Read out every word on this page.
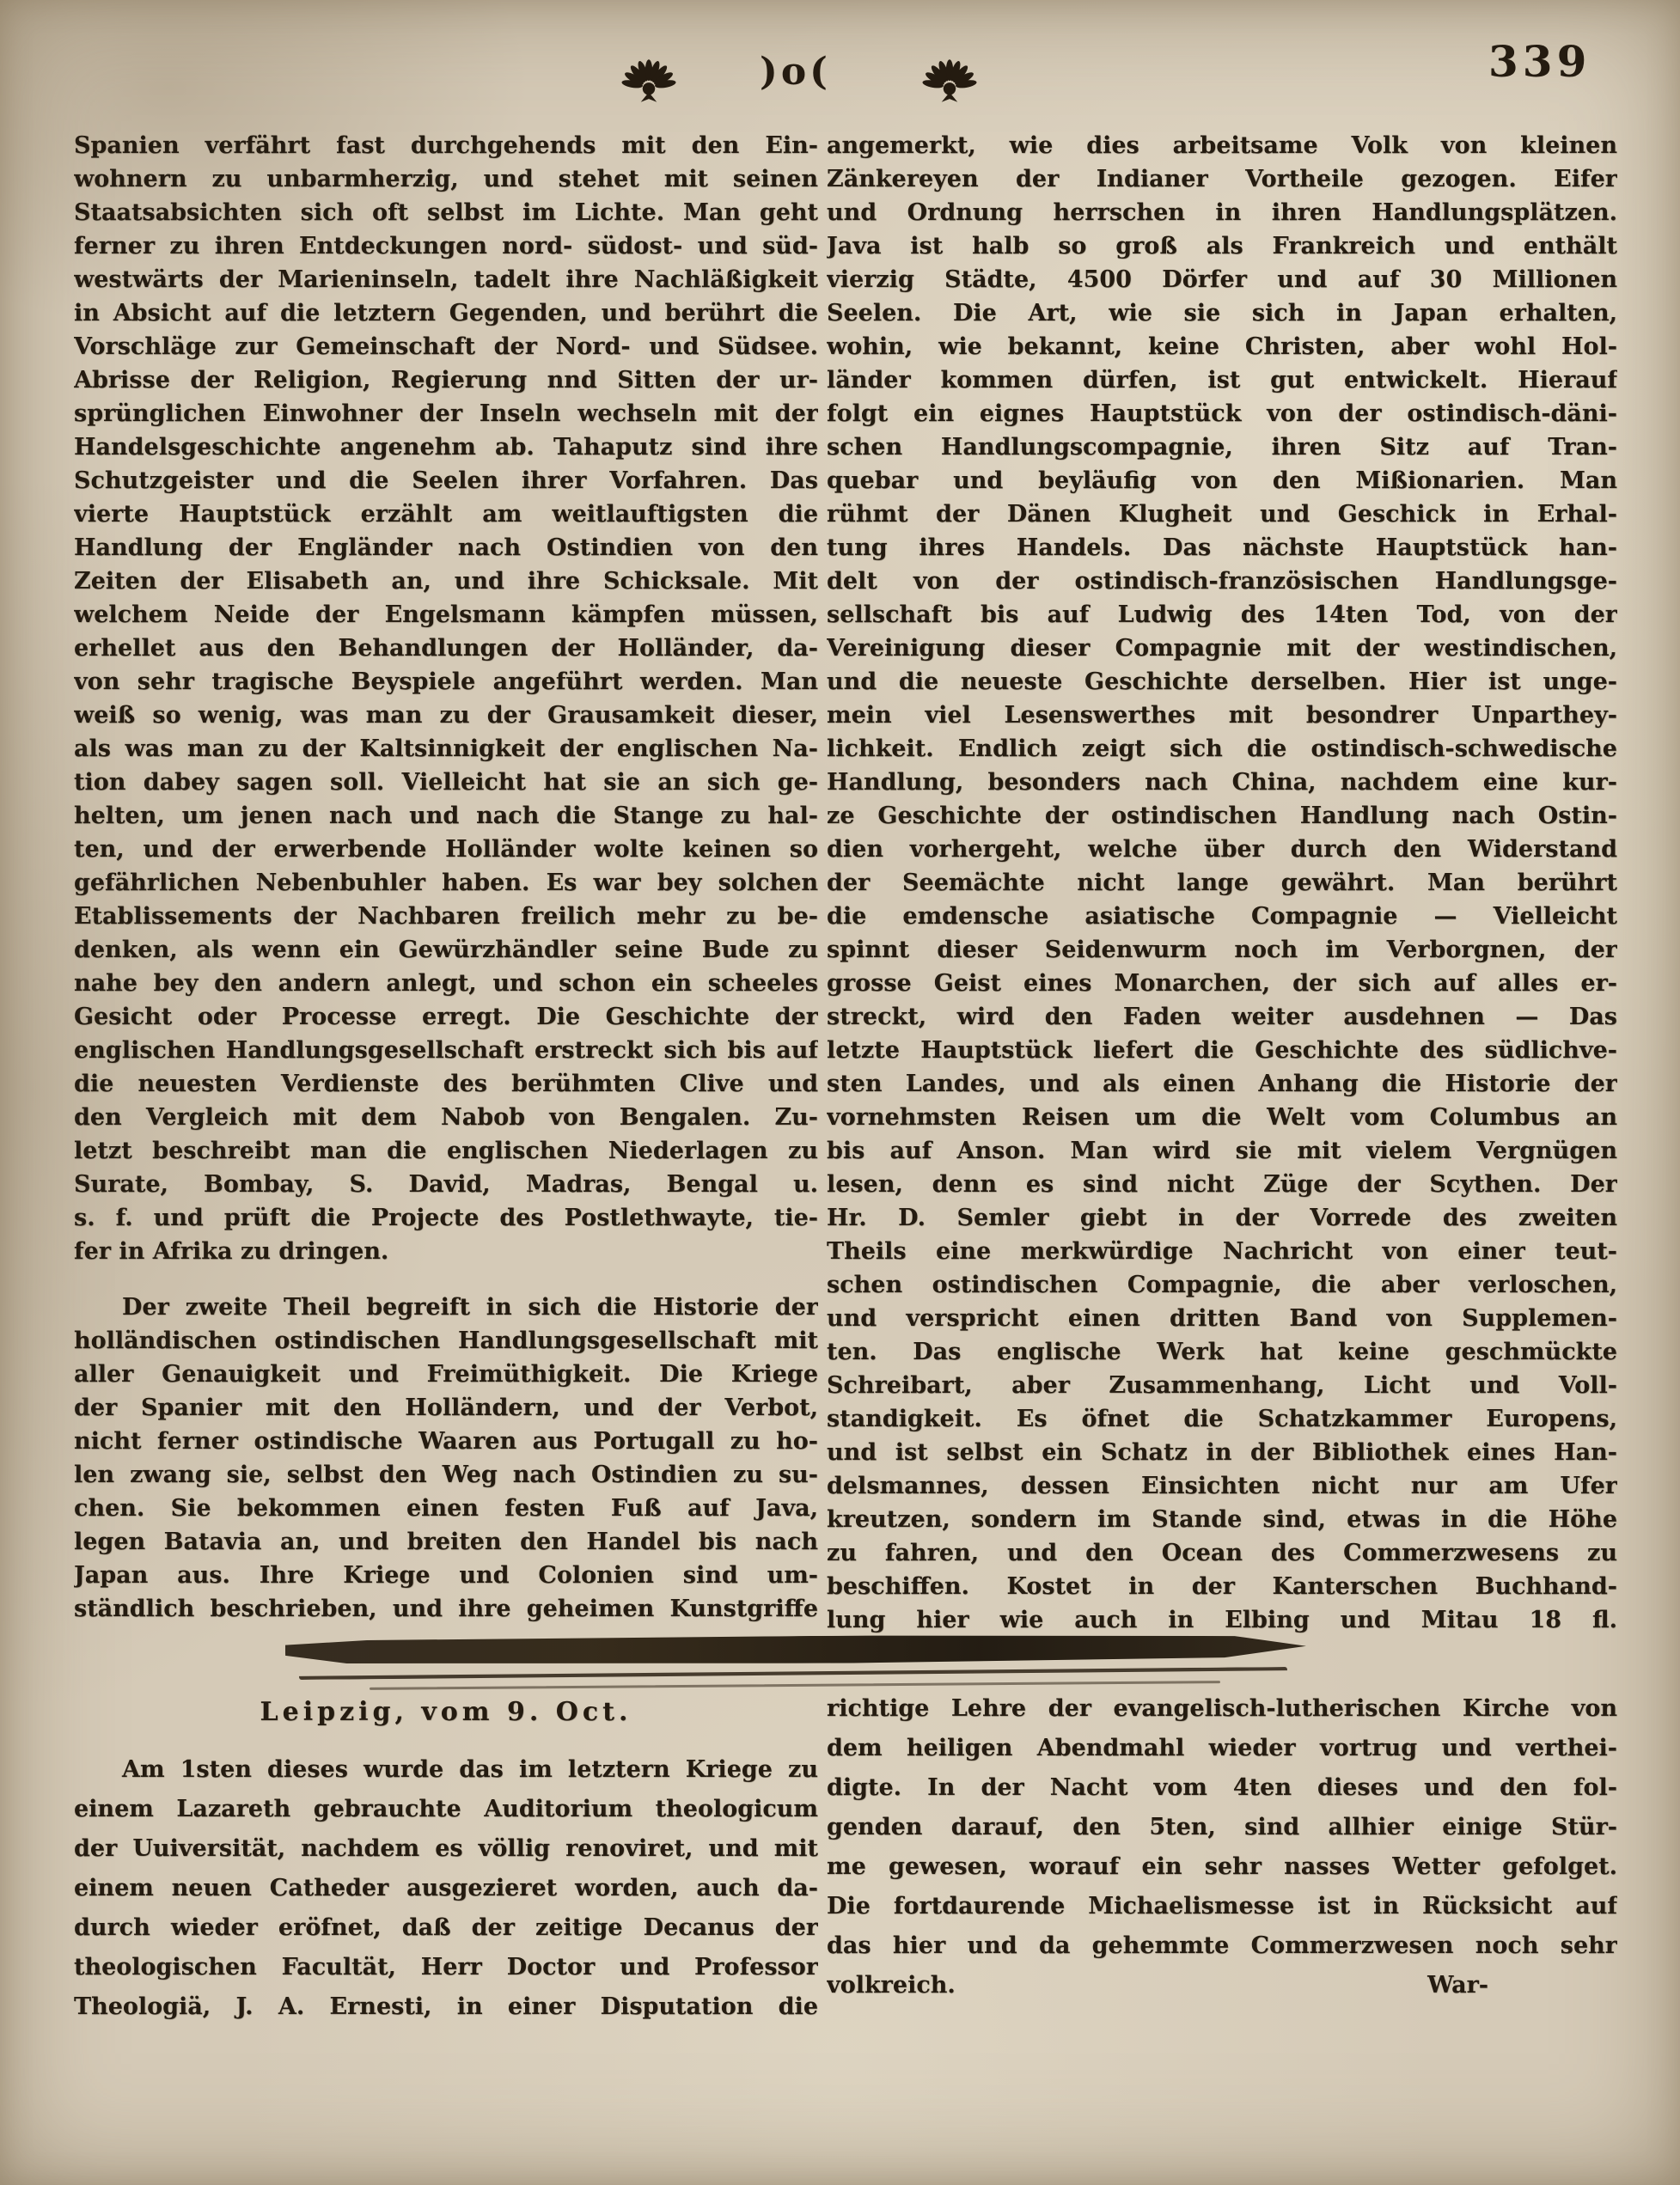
)o(	339
Spanien verfährt fast durchgehends mit den Ein-
wohnern zu unbarmherzig, und stehet mit seinen
Staatsabsichten sich oft selbst im Lichte. Man geht
ferner zu ihren Entdeckungen nord- südost- und süd-
westwärts der Marieninseln, tadelt ihre Nachläßigkeit
in Absicht auf die letztern Gegenden, und berührt die
Vorschläge zur Gemeinschaft der Nord- und Südsee.
Abrisse der Religion, Regierung nnd Sitten der ur-
sprünglichen Einwohner der Inseln wechseln mit der
Handelsgeschichte angenehm ab. Tahaputz sind ihre
Schutzgeister und die Seelen ihrer Vorfahren. Das
vierte Hauptstück erzählt am weitlauftigsten die
Handlung der Engländer nach Ostindien von den
Zeiten der Elisabeth an, und ihre Schicksale. Mit
welchem Neide der Engelsmann kämpfen müssen,
erhellet aus den Behandlungen der Holländer, da-
von sehr tragische Beyspiele angeführt werden. Man
weiß so wenig, was man zu der Grausamkeit dieser,
als was man zu der Kaltsinnigkeit der englischen Na-
tion dabey sagen soll. Vielleicht hat sie an sich ge-
helten, um jenen nach und nach die Stange zu hal-
ten, und der erwerbende Holländer wolte keinen so
gefährlichen Nebenbuhler haben. Es war bey solchen
Etablissements der Nachbaren freilich mehr zu be-
denken, als wenn ein Gewürzhändler seine Bude zu
nahe bey den andern anlegt, und schon ein scheeles
Gesicht oder Processe erregt. Die Geschichte der
englischen Handlungsgesellschaft erstreckt sich bis auf
die neuesten Verdienste des berühmten Clive und
den Vergleich mit dem Nabob von Bengalen. Zu-
letzt beschreibt man die englischen Niederlagen zu
Surate, Bombay, S. David, Madras, Bengal u.
s. f. und prüft die Projecte des Postlethwayte, tie-
fer in Afrika zu dringen.
Der zweite Theil begreift in sich die Historie der
holländischen ostindischen Handlungsgesellschaft mit
aller Genauigkeit und Freimüthigkeit. Die Kriege
der Spanier mit den Holländern, und der Verbot,
nicht ferner ostindische Waaren aus Portugall zu ho-
len zwang sie, selbst den Weg nach Ostindien zu su-
chen. Sie bekommen einen festen Fuß auf Java,
legen Batavia an, und breiten den Handel bis nach
Japan aus. Ihre Kriege und Colonien sind um-
ständlich beschrieben, und ihre geheimen Kunstgriffe
angemerkt, wie dies arbeitsame Volk von kleinen
Zänkereyen der Indianer Vortheile gezogen. Eifer
und Ordnung herrschen in ihren Handlungsplätzen.
Java ist halb so groß als Frankreich und enthält
vierzig Städte, 4500 Dörfer und auf 30 Millionen
Seelen. Die Art, wie sie sich in Japan erhalten,
wohin, wie bekannt, keine Christen, aber wohl Hol-
länder kommen dürfen, ist gut entwickelt. Hierauf
folgt ein eignes Hauptstück von der ostindisch-däni-
schen Handlungscompagnie, ihren Sitz auf Tran-
quebar und beyläufig von den Mißionarien. Man
rühmt der Dänen Klugheit und Geschick in Erhal-
tung ihres Handels. Das nächste Hauptstück han-
delt von der ostindisch-französischen Handlungsge-
sellschaft bis auf Ludwig des 14ten Tod, von der
Vereinigung dieser Compagnie mit der westindischen,
und die neueste Geschichte derselben. Hier ist unge-
mein viel Lesenswerthes mit besondrer Unparthey-
lichkeit. Endlich zeigt sich die ostindisch-schwedische
Handlung, besonders nach China, nachdem eine kur-
ze Geschichte der ostindischen Handlung nach Ostin-
dien vorhergeht, welche über durch den Widerstand
der Seemächte nicht lange gewährt. Man berührt
die emdensche asiatische Compagnie — Vielleicht
spinnt dieser Seidenwurm noch im Verborgnen, der
grosse Geist eines Monarchen, der sich auf alles er-
streckt, wird den Faden weiter ausdehnen — Das
letzte Hauptstück liefert die Geschichte des südlichve-
sten Landes, und als einen Anhang die Historie der
vornehmsten Reisen um die Welt vom Columbus an
bis auf Anson. Man wird sie mit vielem Vergnügen
lesen, denn es sind nicht Züge der Scythen. Der
Hr. D. Semler giebt in der Vorrede des zweiten
Theils eine merkwürdige Nachricht von einer teut-
schen ostindischen Compagnie, die aber verloschen,
und verspricht einen dritten Band von Supplemen-
ten. Das englische Werk hat keine geschmückte
Schreibart, aber Zusammenhang, Licht und Voll-
standigkeit. Es öfnet die Schatzkammer Europens,
und ist selbst ein Schatz in der Bibliothek eines Han-
delsmannes, dessen Einsichten nicht nur am Ufer
kreutzen, sondern im Stande sind, etwas in die Höhe
zu fahren, und den Ocean des Commerzwesens zu
beschiffen. Kostet in der Kanterschen Buchhand-
lung hier wie auch in Elbing und Mitau 18 fl.
Leipzig, vom 9. Oct.
Am 1sten dieses wurde das im letztern Kriege zu
einem Lazareth gebrauchte Auditorium theologicum
der Uuiversität, nachdem es völlig renoviret, und mit
einem neuen Catheder ausgezieret worden, auch da-
durch wieder eröfnet, daß der zeitige Decanus der
theologischen Facultät, Herr Doctor und Professor
Theologiä, J. A. Ernesti, in einer Disputation die
richtige Lehre der evangelisch-lutherischen Kirche von
dem heiligen Abendmahl wieder vortrug und verthei-
digte. In der Nacht vom 4ten dieses und den fol-
genden darauf, den 5ten, sind allhier einige Stür-
me gewesen, worauf ein sehr nasses Wetter gefolget.
Die fortdaurende Michaelismesse ist in Rücksicht auf
das hier und da gehemmte Commerzwesen noch sehr
volkreich.	War-
